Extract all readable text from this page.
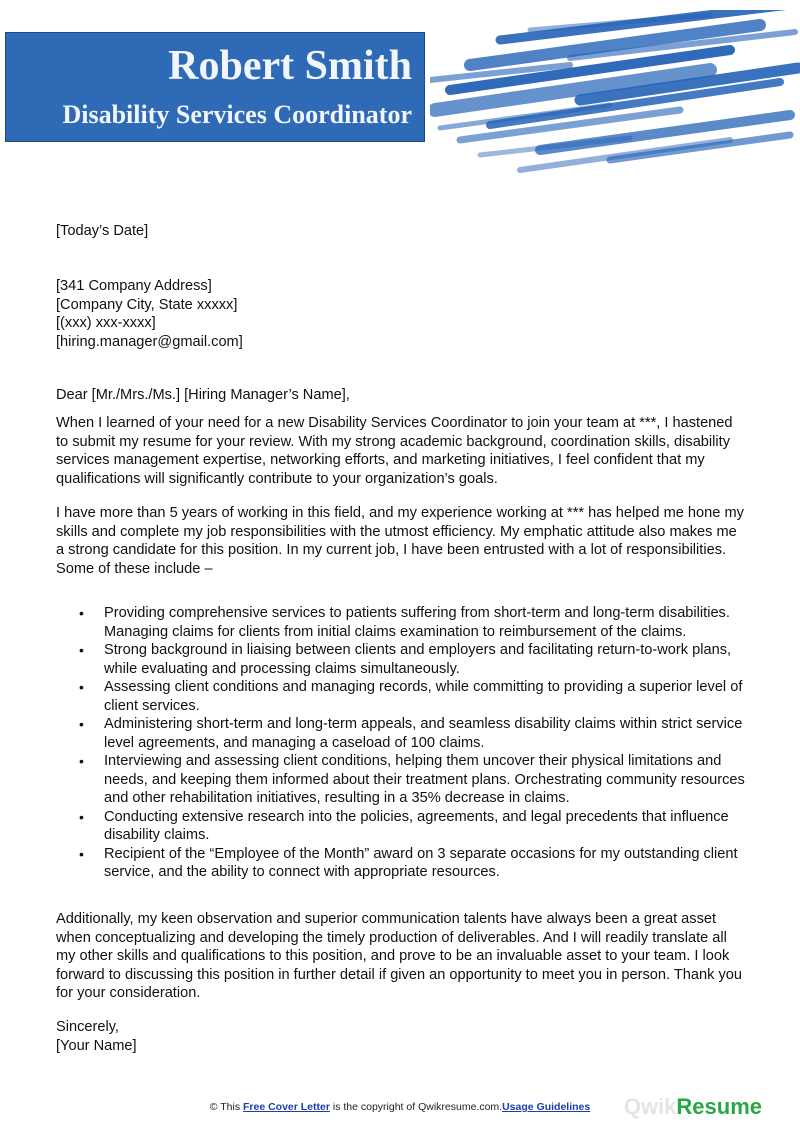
Robert Smith
Disability Services Coordinator

[Today’s Date]

[341 Company Address]

[Company City, State xxxxx]

[(xxx) xxx-xxxx]

[hiring.manager@gmail.com]

Dear [Mr./Mrs./Ms.] [Hiring Manager’s Name],

When I learned of your need for a new Disability Services Coordinator to join your team at ***, I hastened to submit my resume for your review. With my strong academic background, coordination skills, disability services management expertise, networking efforts, and marketing initiatives, I feel confident that my qualifications will significantly contribute to your organization’s goals.

I have more than 5 years of working in this field, and my experience working at *** has helped me hone my skills and complete my job responsibilities with the utmost efficiency. My emphatic attitude also makes me a strong candidate for this position. In my current job, I have been entrusted with a lot of responsibilities. Some of these include –

• Providing comprehensive services to patients suffering from short-term and long-term disabilities. Managing claims for clients from initial claims examination to reimbursement of the claims.
• Strong background in liaising between clients and employers and facilitating return-to-work plans, while evaluating and processing claims simultaneously.
• Assessing client conditions and managing records, while committing to providing a superior level of client services.
• Administering short-term and long-term appeals, and seamless disability claims within strict service level agreements, and managing a caseload of 100 claims.
• Interviewing and assessing client conditions, helping them uncover their physical limitations and needs, and keeping them informed about their treatment plans. Orchestrating community resources and other rehabilitation initiatives, resulting in a 35% decrease in claims.
• Conducting extensive research into the policies, agreements, and legal precedents that influence disability claims.
• Recipient of the “Employee of the Month” award on 3 separate occasions for my outstanding client service, and the ability to connect with appropriate resources.

Additionally, my keen observation and superior communication talents have always been a great asset when conceptualizing and developing the timely production of deliverables. And I will readily translate all my other skills and qualifications to this position, and prove to be an invaluable asset to your team. I look forward to discussing this position in further detail if given an opportunity to meet you in person. Thank you for your consideration.

Sincerely,

[Your Name]

© This Free Cover Letter is the copyright of Qwikresume.com.Usage Guidelines	QwikResume
